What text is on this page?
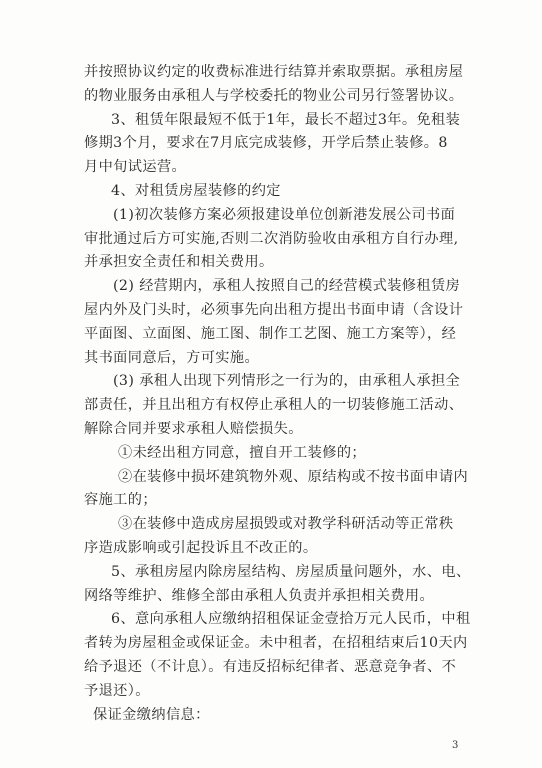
并按照协议约定的收费标准进行结算并索取票据。承租房屋
的物业服务由承租人与学校委托的物业公司另行签署协议。
3、租赁年限最短不低于1年，最长不超过3年。免租装
修期3个月，要求在7月底完成装修，开学后禁止装修。8
月中旬试运营。
4、对租赁房屋装修的约定
(1)初次装修方案必须报建设单位创新港发展公司书面
审批通过后方可实施,否则二次消防验收由承租方自行办理,
并承担安全责任和相关费用。
(2) 经营期内，承租人按照自己的经营模式装修租赁房
屋内外及门头时，必须事先向出租方提出书面申请（含设计
平面图、立面图、施工图、制作工艺图、施工方案等），经
其书面同意后，方可实施。
(3) 承租人出现下列情形之一行为的，由承租人承担全
部责任，并且出租方有权停止承租人的一切装修施工活动、
解除合同并要求承租人赔偿损失。
①未经出租方同意，擅自开工装修的；
②在装修中损坏建筑物外观、原结构或不按书面申请内
容施工的；
③在装修中造成房屋损毁或对教学科研活动等正常秩
序造成影响或引起投诉且不改正的。
5、承租房屋内除房屋结构、房屋质量问题外，水、电、
网络等维护、维修全部由承租人负责并承担相关费用。
6、意向承租人应缴纳招租保证金壹拾万元人民币，中租
者转为房屋租金或保证金。未中租者，在招租结束后10天内
给予退还（不计息）。有违反招标纪律者、恶意竞争者、不
予退还）。
保证金缴纳信息：
3
